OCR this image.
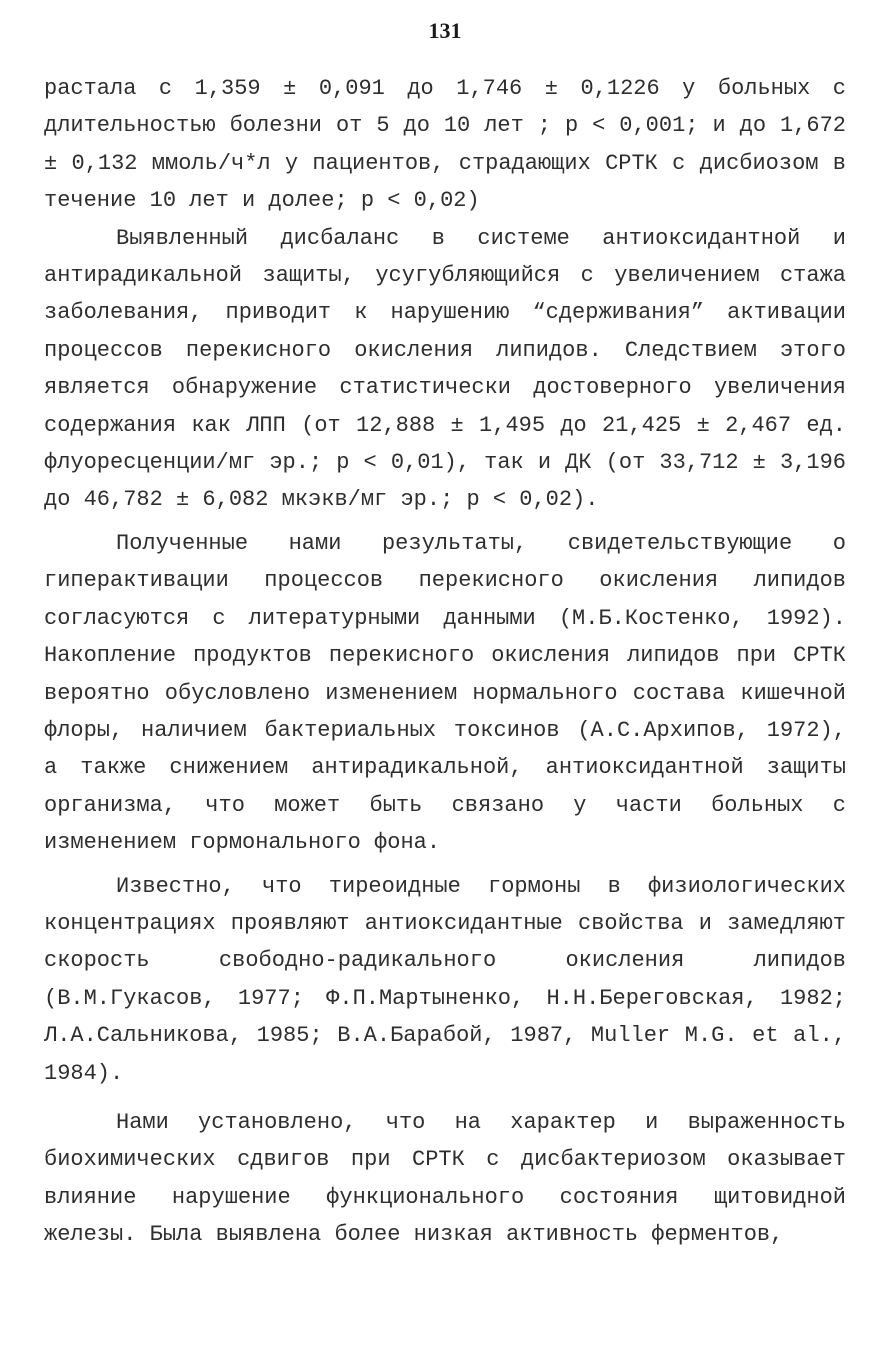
131

растала с 1,359 ± 0,091 до 1,746 ± 0,1226 у больных с длительностью болезни от 5 до 10 лет ; р < 0,001; и до 1,672 ± 0,132 ммоль/ч*л у пациентов, страдающих СРТК с дисбиозом в течение 10 лет и долее; р < 0,02)

Выявленный дисбаланс в системе антиоксидантной и антирадикальной защиты, усугубляющийся с увеличением стажа заболевания, приводит к нарушению “сдерживания” активации процессов перекисного окисления липидов. Следствием этого является обнаружение статистически достоверного увеличения содержания как ЛПП (от 12,888 ± 1,495 до 21,425 ± 2,467 ед. флуоресценции/мг эр.; р < 0,01), так и ДК (от 33,712 ± 3,196 до 46,782 ± 6,082 мкэкв/мг эр.; р < 0,02).

Полученные нами результаты, свидетельствующие о гиперактивации процессов перекисного окисления липидов согласуются с литературными данными (М.Б.Костенко, 1992). Накопление продуктов перекисного окисления липидов при СРТК вероятно обусловлено изменением нормального состава кишечной флоры, наличием бактериальных токсинов (А.С.Архипов, 1972), а также снижением антирадикальной, антиоксидантной защиты организма, что может быть связано у части больных с изменением гормонального фона.

Известно, что тиреоидные гормоны в физиологических концентрациях проявляют антиоксидантные свойства и замедляют скорость свободно-радикального окисления липидов (В.М.Гукасов, 1977; Ф.П.Мартыненко, Н.Н.Береговская, 1982; Л.А.Сальникова, 1985; В.А.Барабой, 1987, Muller M.G. et al., 1984).

Нами установлено, что на характер и выраженность биохимических сдвигов при СРТК с дисбактериозом оказывает влияние нарушение функционального состояния щитовидной железы. Была выявлена более низкая активность ферментов,
